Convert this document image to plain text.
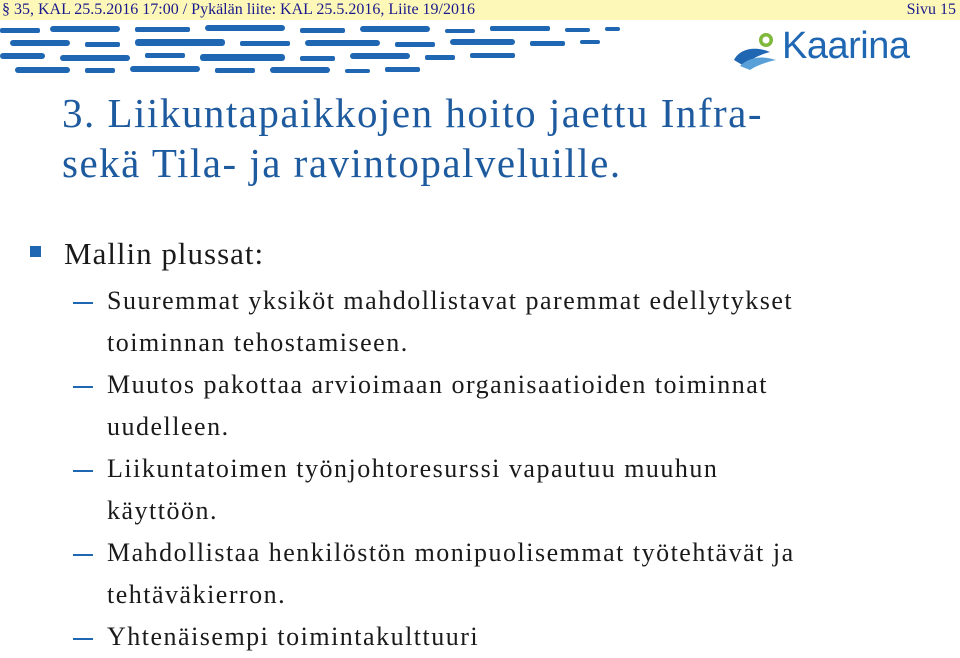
§ 35, KAL 25.5.2016 17:00 / Pykälän liite: KAL 25.5.2016, Liite 19/2016	Sivu 15
Kaarina
3. Liikuntapaikkojen hoito jaettu Infra-
sekä Tila- ja ravintopalveluille.
Mallin plussat:
Suuremmat yksiköt mahdollistavat paremmat edellytykset
toiminnan tehostamiseen.
Muutos pakottaa arvioimaan organisaatioiden toiminnat
uudelleen.
Liikuntatoimen työnjohtoresurssi vapautuu muuhun
käyttöön.
Mahdollistaa henkilöstön monipuolisemmat työtehtävät ja
tehtäväkierron.
Yhtenäisempi toimintakulttuuri
